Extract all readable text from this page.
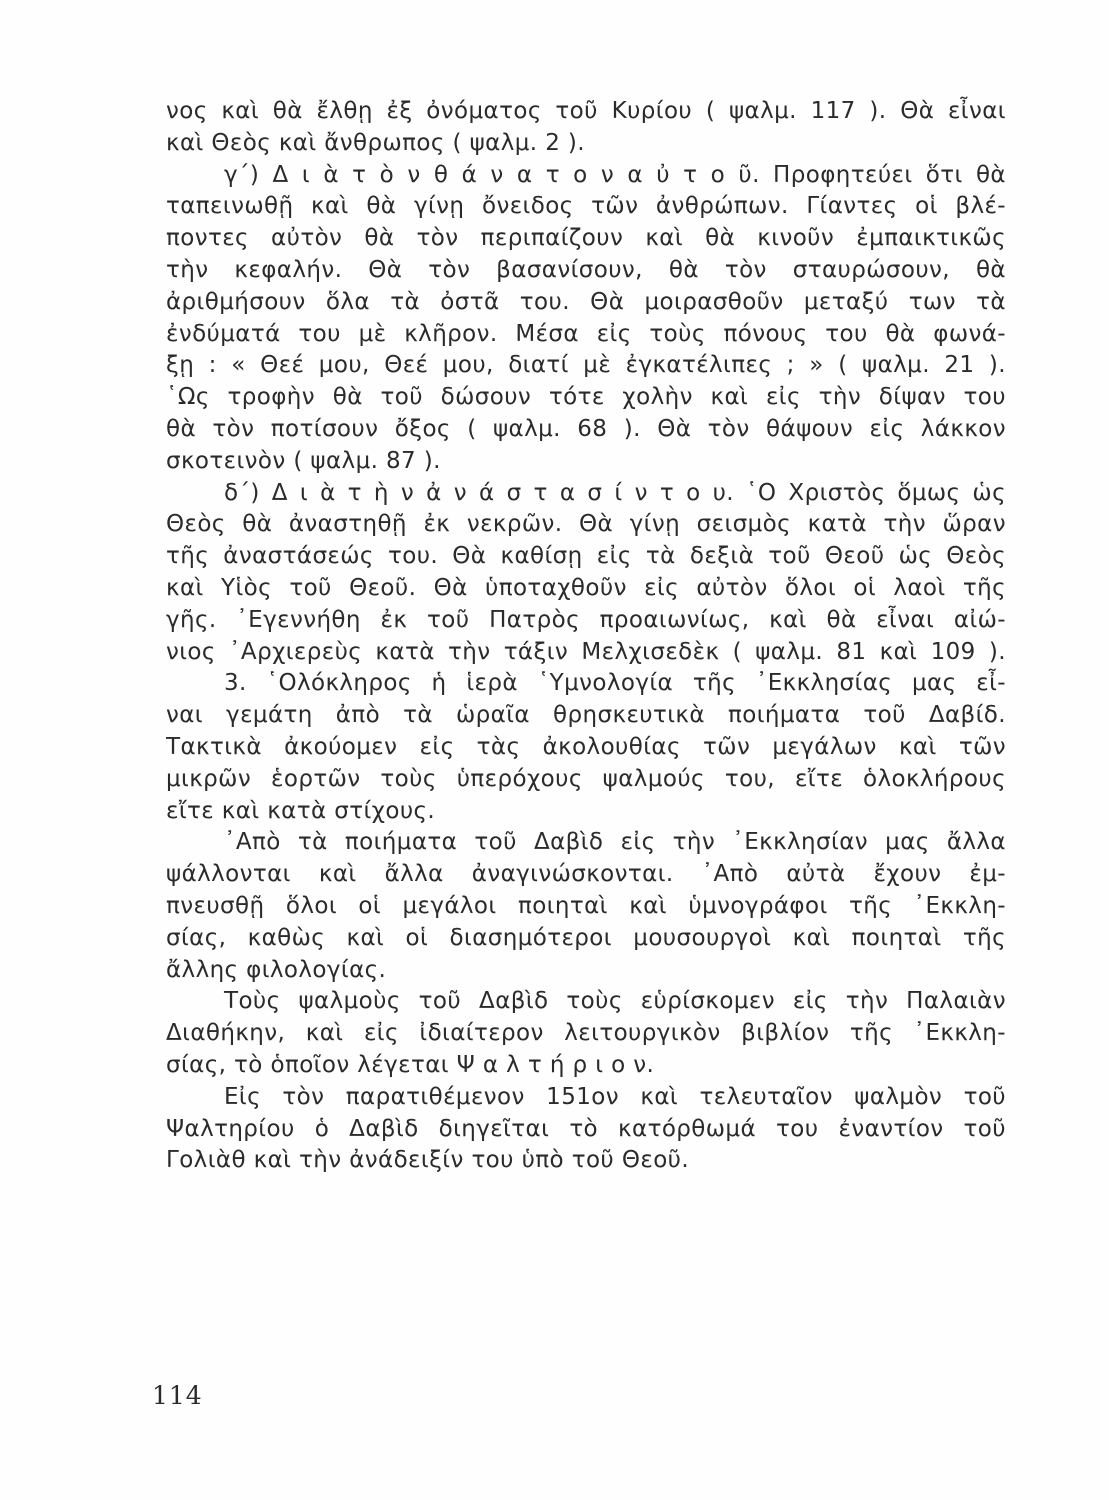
νος καὶ θὰ ἔλθῃ ἐξ ὀνόματος τοῦ Κυρίου ( ψαλμ. 117 ). Θὰ εἶναι
καὶ Θεὸς καὶ ἄνθρωπος ( ψαλμ. 2 ).
γ΄) Δ ι ὰ τ ὸ ν θ ά ν α τ ο ν α ὐ τ ο ῦ. Προφητεύει ὅτι θὰ
ταπεινωθῇ καὶ θὰ γίνῃ ὄνειδος τῶν ἀνθρώπων. Γίαντες οἱ βλέ-
ποντες αὐτὸν θὰ τὸν περιπαίζουν καὶ θὰ κινοῦν ἐμπαικτικῶς
τὴν κεφαλήν. Θὰ τὸν βασανίσουν, θὰ τὸν σταυρώσουν, θὰ
ἀριθμήσουν ὅλα τὰ ὀστᾶ του. Θὰ μοιρασθοῦν μεταξύ των τὰ
ἐνδύματά του μὲ κλῆρον. Μέσα εἰς τοὺς πόνους του θὰ φωνά-
ξῃ : « Θεέ μου, Θεέ μου, διατί μὲ ἐγκατέλιπες ; » ( ψαλμ. 21 ).
῾Ως τροφὴν θὰ τοῦ δώσουν τότε χολὴν καὶ εἰς τὴν δίψαν του
θὰ τὸν ποτίσουν ὄξος ( ψαλμ. 68 ). Θὰ τὸν θάψουν εἰς λάκκον
σκοτεινὸν ( ψαλμ. 87 ).
δ΄) Δ ι ὰ τ ὴ ν ἀ ν ά σ τ α σ ί ν τ ο υ. ῾Ο Χριστὸς ὅμως ὡς
Θεὸς θὰ ἀναστηθῇ ἐκ νεκρῶν. Θὰ γίνῃ σεισμὸς κατὰ τὴν ὥραν
τῆς ἀναστάσεώς του. Θὰ καθίσῃ εἰς τὰ δεξιὰ τοῦ Θεοῦ ὡς Θεὸς
καὶ Υἱὸς τοῦ Θεοῦ. Θὰ ὑποταχθοῦν εἰς αὐτὸν ὅλοι οἱ λαοὶ τῆς
γῆς. ᾿Εγεννήθη ἐκ τοῦ Πατρὸς προαιωνίως, καὶ θὰ εἶναι αἰώ-
νιος ᾿Αρχιερεὺς κατὰ τὴν τάξιν Μελχισεδὲκ ( ψαλμ. 81 καὶ 109 ).
3. ῾Ολόκληρος ἡ ἱερὰ ῾Υμνολογία τῆς ᾿Εκκλησίας μας εἶ-
ναι γεμάτη ἀπὸ τὰ ὡραῖα θρησκευτικὰ ποιήματα τοῦ Δαβίδ.
Τακτικὰ ἀκούομεν εἰς τὰς ἀκολουθίας τῶν μεγάλων καὶ τῶν
μικρῶν ἑορτῶν τοὺς ὑπερόχους ψαλμούς του, εἴτε ὁλοκλήρους
εἴτε καὶ κατὰ στίχους.
᾿Απὸ τὰ ποιήματα τοῦ Δαβὶδ εἰς τὴν ᾿Εκκλησίαν μας ἄλλα
ψάλλονται καὶ ἄλλα ἀναγινώσκονται. ᾿Απὸ αὐτὰ ἔχουν ἐμ-
πνευσθῇ ὅλοι οἱ μεγάλοι ποιηταὶ καὶ ὑμνογράφοι τῆς ᾿Εκκλη-
σίας, καθὼς καὶ οἱ διασημότεροι μουσουργοὶ καὶ ποιηταὶ τῆς
ἄλλης φιλολογίας.
Τοὺς ψαλμοὺς τοῦ Δαβὶδ τοὺς εὑρίσκομεν εἰς τὴν Παλαιὰν
Διαθήκην, καὶ εἰς ἰδιαίτερον λειτουργικὸν βιβλίον τῆς ᾿Εκκλη-
σίας, τὸ ὁποῖον λέγεται Ψ α λ τ ή ρ ι ο ν.
Εἰς τὸν παρατιθέμενον 151ον καὶ τελευταῖον ψαλμὸν τοῦ
Ψαλτηρίου ὁ Δαβὶδ διηγεῖται τὸ κατόρθωμά του ἐναντίον τοῦ
Γολιὰθ καὶ τὴν ἀνάδειξίν του ὑπὸ τοῦ Θεοῦ.
114
